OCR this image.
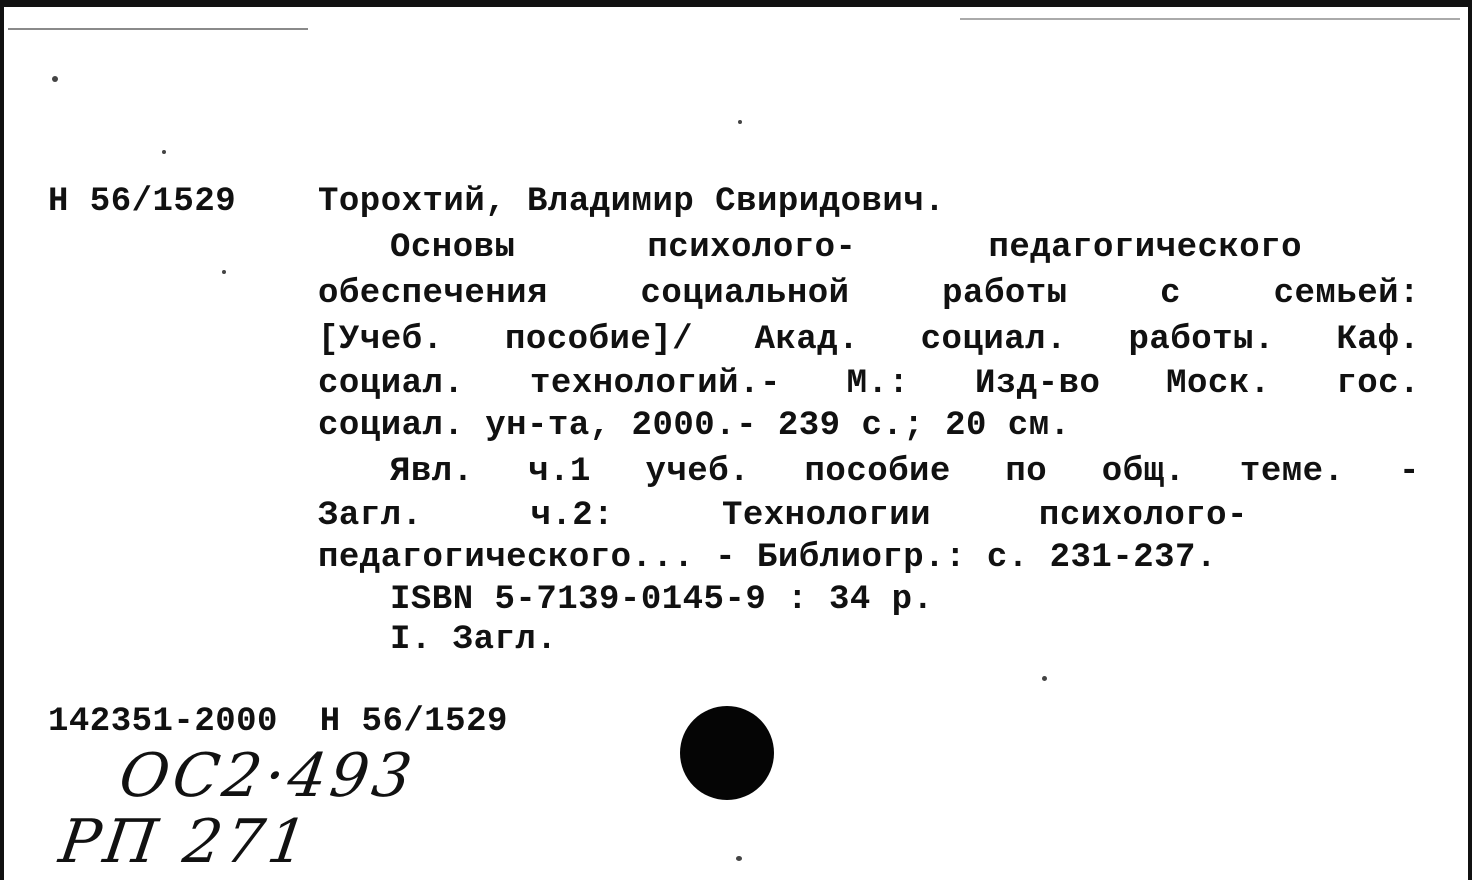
Н 56/1529 Торохтий, Владимир Свиридович.
Основы	психолого-	педагогического
обеспечения	социальной	работы	с	семьей:
[Учеб. пособие]/ Акад. социал. работы. Каф.
социал. технологий.- М.: Изд-во Моск. гос.
социал. ун-та, 2000.- 239 с.; 20 см.
Явл. ч.1 учеб. пособие по общ. теме. -
Загл.	ч.2:	Технологии	психолого-
педагогического... - Библиогр.: с. 231-237.
ISBN 5-7139-0145-9 : 34 р.
I. Загл.
142351-2000  Н 56/1529
OC2·493
РП 271
